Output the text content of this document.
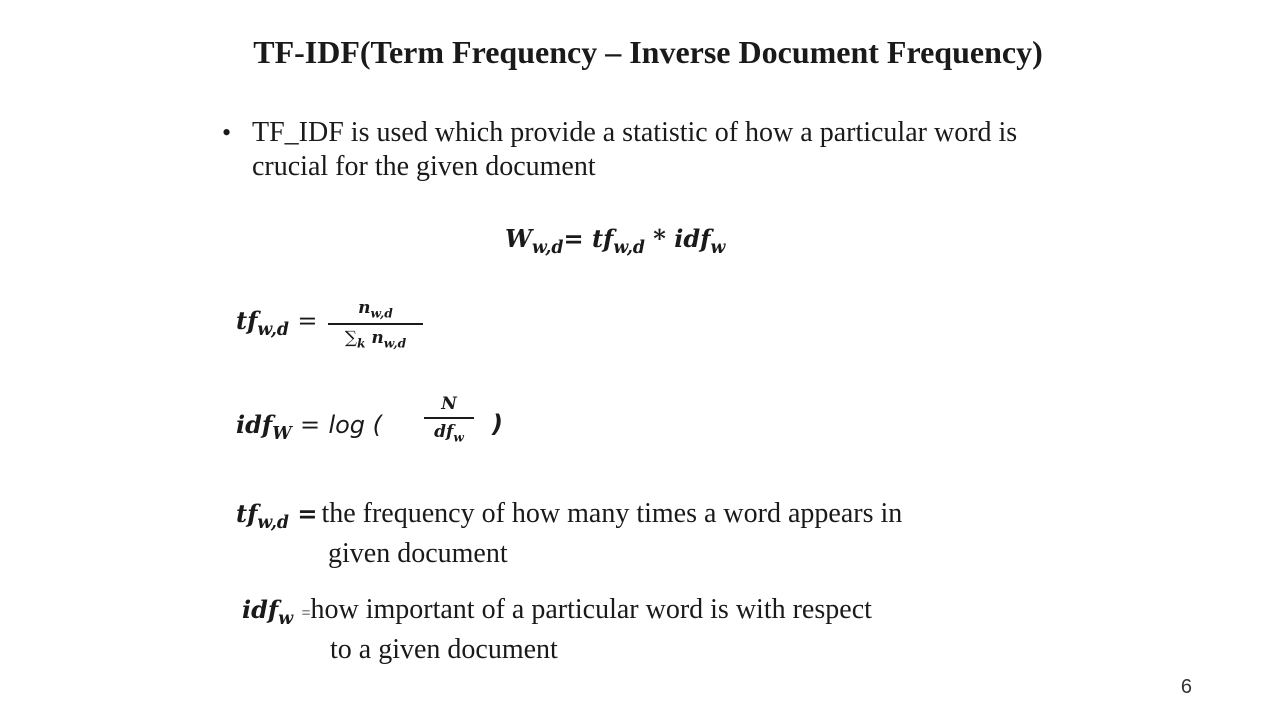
TF-IDF(Term Frequency – Inverse Document Frequency)
• TF_IDF is used which provide a statistic of how a particular word is crucial for the given document
$W_{w,d}= tf_{w,d} * idf_w$
$tf_{w,d}$ =	$n_{w,d}$
$\sum_k$ $n_{w,d}$
idf$_W$ = log (
N
$df_w$	)
$tf_{w,d}$ = the frequency of how many times a word appears in
given document
idf$_w$ =how important of a particular word is with respect
to a given document
6
